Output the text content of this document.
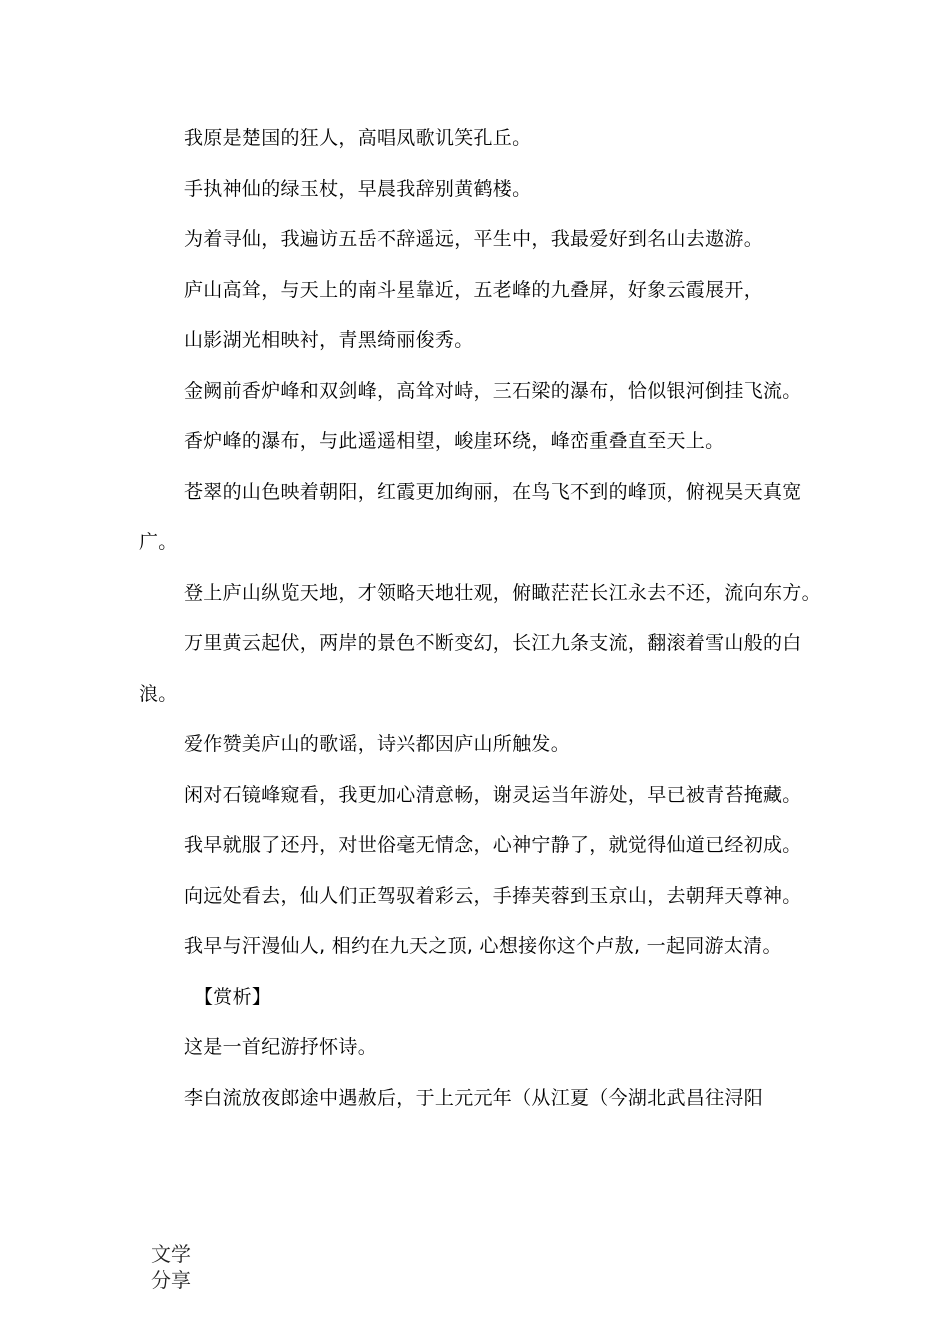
我原是楚国的狂人，高唱凤歌讥笑孔丘。

手执神仙的绿玉杖，早晨我辞别黄鹤楼。

为着寻仙，我遍访五岳不辞遥远，平生中，我最爱好到名山去遨游。

庐山高耸，与天上的南斗星靠近，五老峰的九叠屏，好象云霞展开，

山影湖光相映衬，青黑绮丽俊秀。

金阙前香炉峰和双剑峰，高耸对峙，三石梁的瀑布，恰似银河倒挂飞流。

香炉峰的瀑布，与此遥遥相望，峻崖环绕，峰峦重叠直至天上。

苍翠的山色映着朝阳，红霞更加绚丽，在鸟飞不到的峰顶，俯视吴天真宽广。

登上庐山纵览天地，才领略天地壮观，俯瞰茫茫长江永去不还，流向东方。

万里黄云起伏，两岸的景色不断变幻，长江九条支流，翻滚着雪山般的白浪。

爱作赞美庐山的歌谣，诗兴都因庐山所触发。

闲对石镜峰窥看，我更加心清意畅，谢灵运当年游处，早已被青苔掩藏。

我早就服了还丹，对世俗毫无情念，心神宁静了，就觉得仙道已经初成。

向远处看去，仙人们正驾驭着彩云，手捧芙蓉到玉京山，去朝拜天尊神。

我早与汗漫仙人, 相约在九天之顶, 心想接你这个卢敖, 一起同游太清。

【赏析】

这是一首纪游抒怀诗。

李白流放夜郎途中遇赦后，于上元元年（从江夏（今湖北武昌往浔阳

文学
分享
